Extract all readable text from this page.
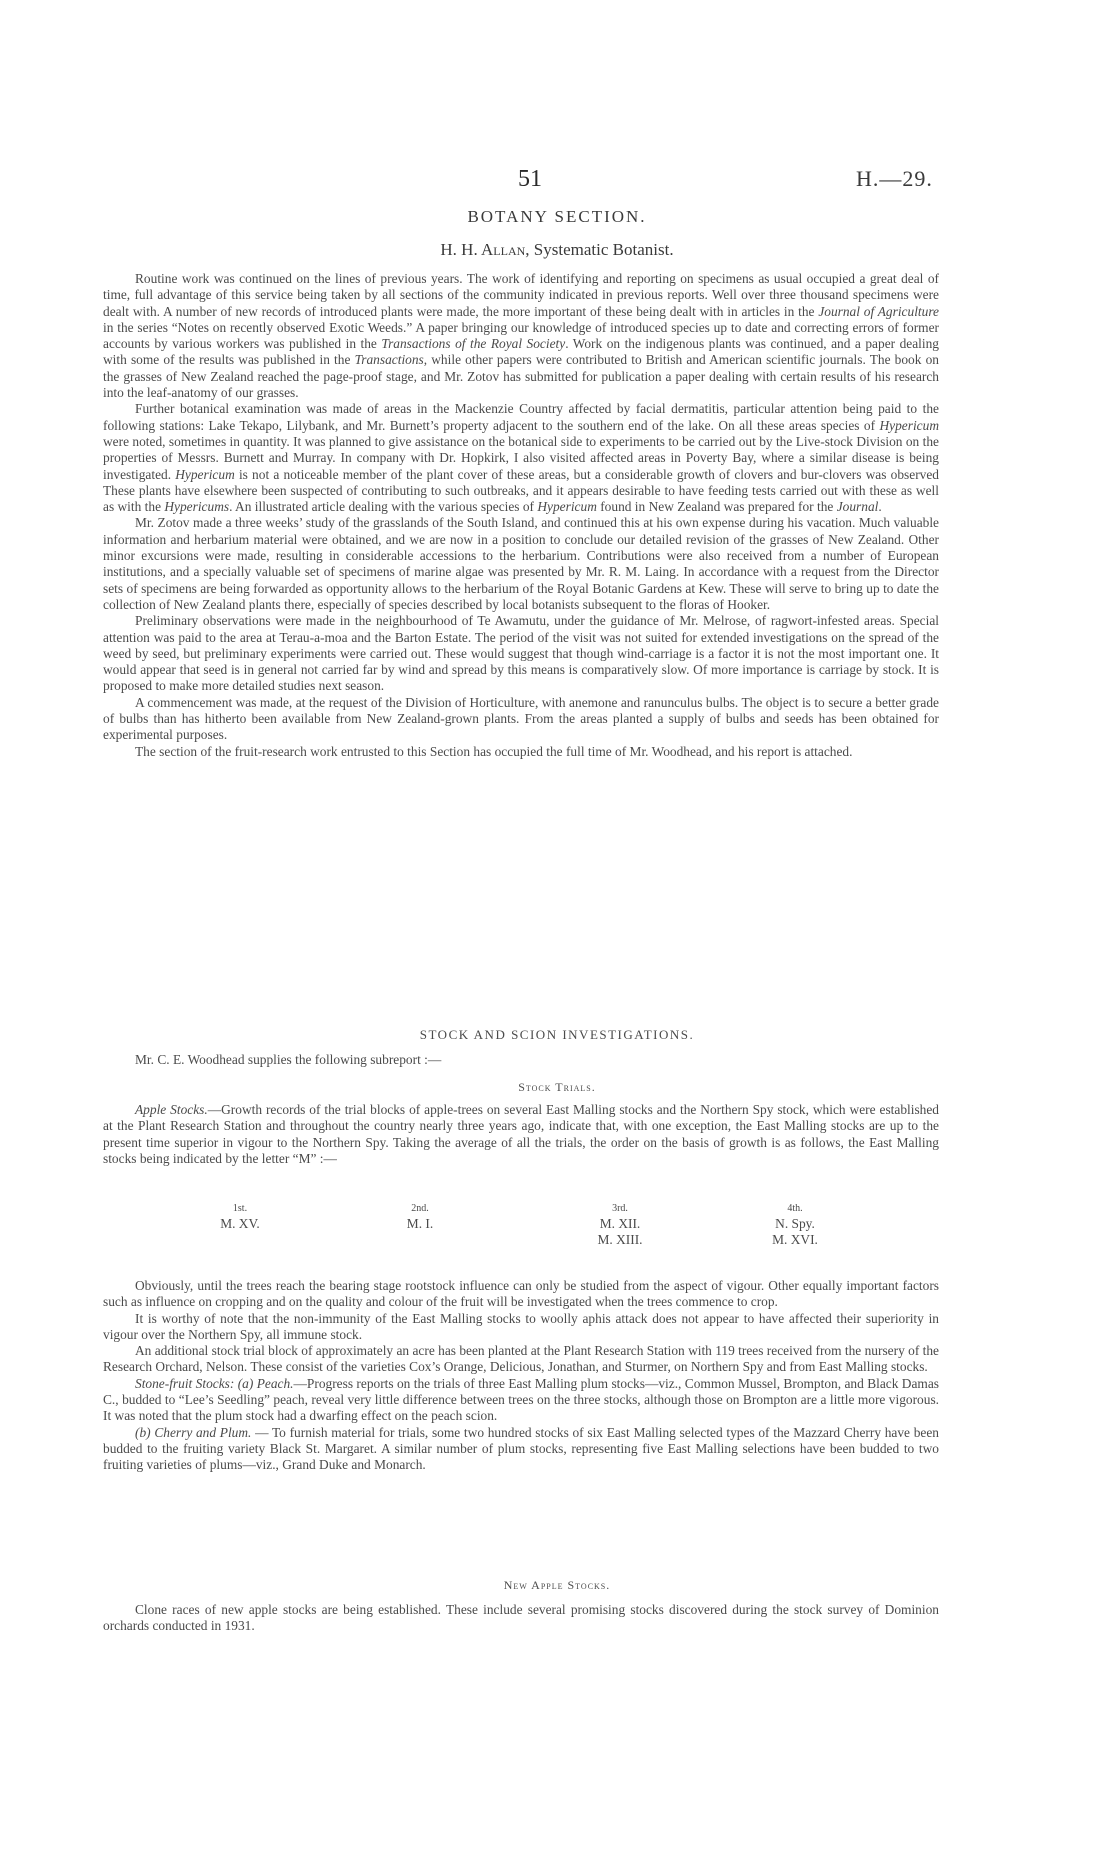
51	H.—29.
BOTANY SECTION.
H. H. Allan, Systematic Botanist.

Routine work was continued on the lines of previous years. The work of identifying and reporting on specimens as usual occupied a great deal of time, full advantage of this service being taken by all sections of the community indicated in previous reports. Well over three thousand specimens were dealt with. A number of new records of introduced plants were made, the more important of these being dealt with in articles in the Journal of Agriculture in the series “Notes on recently observed Exotic Weeds.” A paper bringing our knowledge of introduced species up to date and correcting errors of former accounts by various workers was published in the Transactions of the Royal Society. Work on the indigenous plants was continued, and a paper dealing with some of the results was published in the Transactions, while other papers were contributed to British and American scientific journals. The book on the grasses of New Zealand reached the page-proof stage, and Mr. Zotov has submitted for publication a paper dealing with certain results of his research into the leaf-anatomy of our grasses.

Further botanical examination was made of areas in the Mackenzie Country affected by facial dermatitis, particular attention being paid to the following stations: Lake Tekapo, Lilybank, and Mr. Burnett’s property adjacent to the southern end of the lake. On all these areas species of Hypericum were noted, sometimes in quantity. It was planned to give assistance on the botanical side to experiments to be carried out by the Live-stock Division on the properties of Messrs. Burnett and Murray. In company with Dr. Hopkirk, I also visited affected areas in Poverty Bay, where a similar disease is being investigated. Hypericum is not a noticeable member of the plant cover of these areas, but a considerable growth of clovers and bur-clovers was observed These plants have elsewhere been suspected of contributing to such outbreaks, and it appears desirable to have feeding tests carried out with these as well as with the Hypericums. An illustrated article dealing with the various species of Hypericum found in New Zealand was prepared for the Journal.

Mr. Zotov made a three weeks’ study of the grasslands of the South Island, and continued this at his own expense during his vacation. Much valuable information and herbarium material were obtained, and we are now in a position to conclude our detailed revision of the grasses of New Zealand. Other minor excursions were made, resulting in considerable accessions to the herbarium. Contributions were also received from a number of European institutions, and a specially valuable set of specimens of marine algae was presented by Mr. R. M. Laing. In accordance with a request from the Director sets of specimens are being forwarded as opportunity allows to the herbarium of the Royal Botanic Gardens at Kew. These will serve to bring up to date the collection of New Zealand plants there, especially of species described by local botanists subsequent to the floras of Hooker.

Preliminary observations were made in the neighbourhood of Te Awamutu, under the guidance of Mr. Melrose, of ragwort-infested areas. Special attention was paid to the area at Terau-a-moa and the Barton Estate. The period of the visit was not suited for extended investigations on the spread of the weed by seed, but preliminary experiments were carried out. These would suggest that though wind-carriage is a factor it is not the most important one. It would appear that seed is in general not carried far by wind and spread by this means is comparatively slow. Of more importance is carriage by stock. It is proposed to make more detailed studies next season.

A commencement was made, at the request of the Division of Horticulture, with anemone and ranunculus bulbs. The object is to secure a better grade of bulbs than has hitherto been available from New Zealand-grown plants. From the areas planted a supply of bulbs and seeds has been obtained for experimental purposes.

The section of the fruit-research work entrusted to this Section has occupied the full time of Mr. Woodhead, and his report is attached.

STOCK AND SCION INVESTIGATIONS.
Mr. C. E. Woodhead supplies the following subreport :—
Stock Trials.

Apple Stocks.—Growth records of the trial blocks of apple-trees on several East Malling stocks and the Northern Spy stock, which were established at the Plant Research Station and throughout the country nearly three years ago, indicate that, with one exception, the East Malling stocks are up to the present time superior in vigour to the Northern Spy. Taking the average of all the trials, the order on the basis of growth is as follows, the East Malling stocks being indicated by the letter “M” :—

1st.
M. XV.
2nd.
M. I.
3rd.
M. XII.
M. XIII.
4th.
N. Spy.
M. XVI.

Obviously, until the trees reach the bearing stage rootstock influence can only be studied from the aspect of vigour. Other equally important factors such as influence on cropping and on the quality and colour of the fruit will be investigated when the trees commence to crop.

It is worthy of note that the non-immunity of the East Malling stocks to woolly aphis attack does not appear to have affected their superiority in vigour over the Northern Spy, all immune stock.

An additional stock trial block of approximately an acre has been planted at the Plant Research Station with 119 trees received from the nursery of the Research Orchard, Nelson. These consist of the varieties Cox’s Orange, Delicious, Jonathan, and Sturmer, on Northern Spy and from East Malling stocks.

Stone-fruit Stocks: (a) Peach.—Progress reports on the trials of three East Malling plum stocks—viz., Common Mussel, Brompton, and Black Damas C., budded to “Lee’s Seedling” peach, reveal very little difference between trees on the three stocks, although those on Brompton are a little more vigorous. It was noted that the plum stock had a dwarfing effect on the peach scion.

(b) Cherry and Plum. — To furnish material for trials, some two hundred stocks of six East Malling selected types of the Mazzard Cherry have been budded to the fruiting variety Black St. Margaret. A similar number of plum stocks, representing five East Malling selections have been budded to two fruiting varieties of plums—viz., Grand Duke and Monarch.

New Apple Stocks.

Clone races of new apple stocks are being established. These include several promising stocks discovered during the stock survey of Dominion orchards conducted in 1931.
